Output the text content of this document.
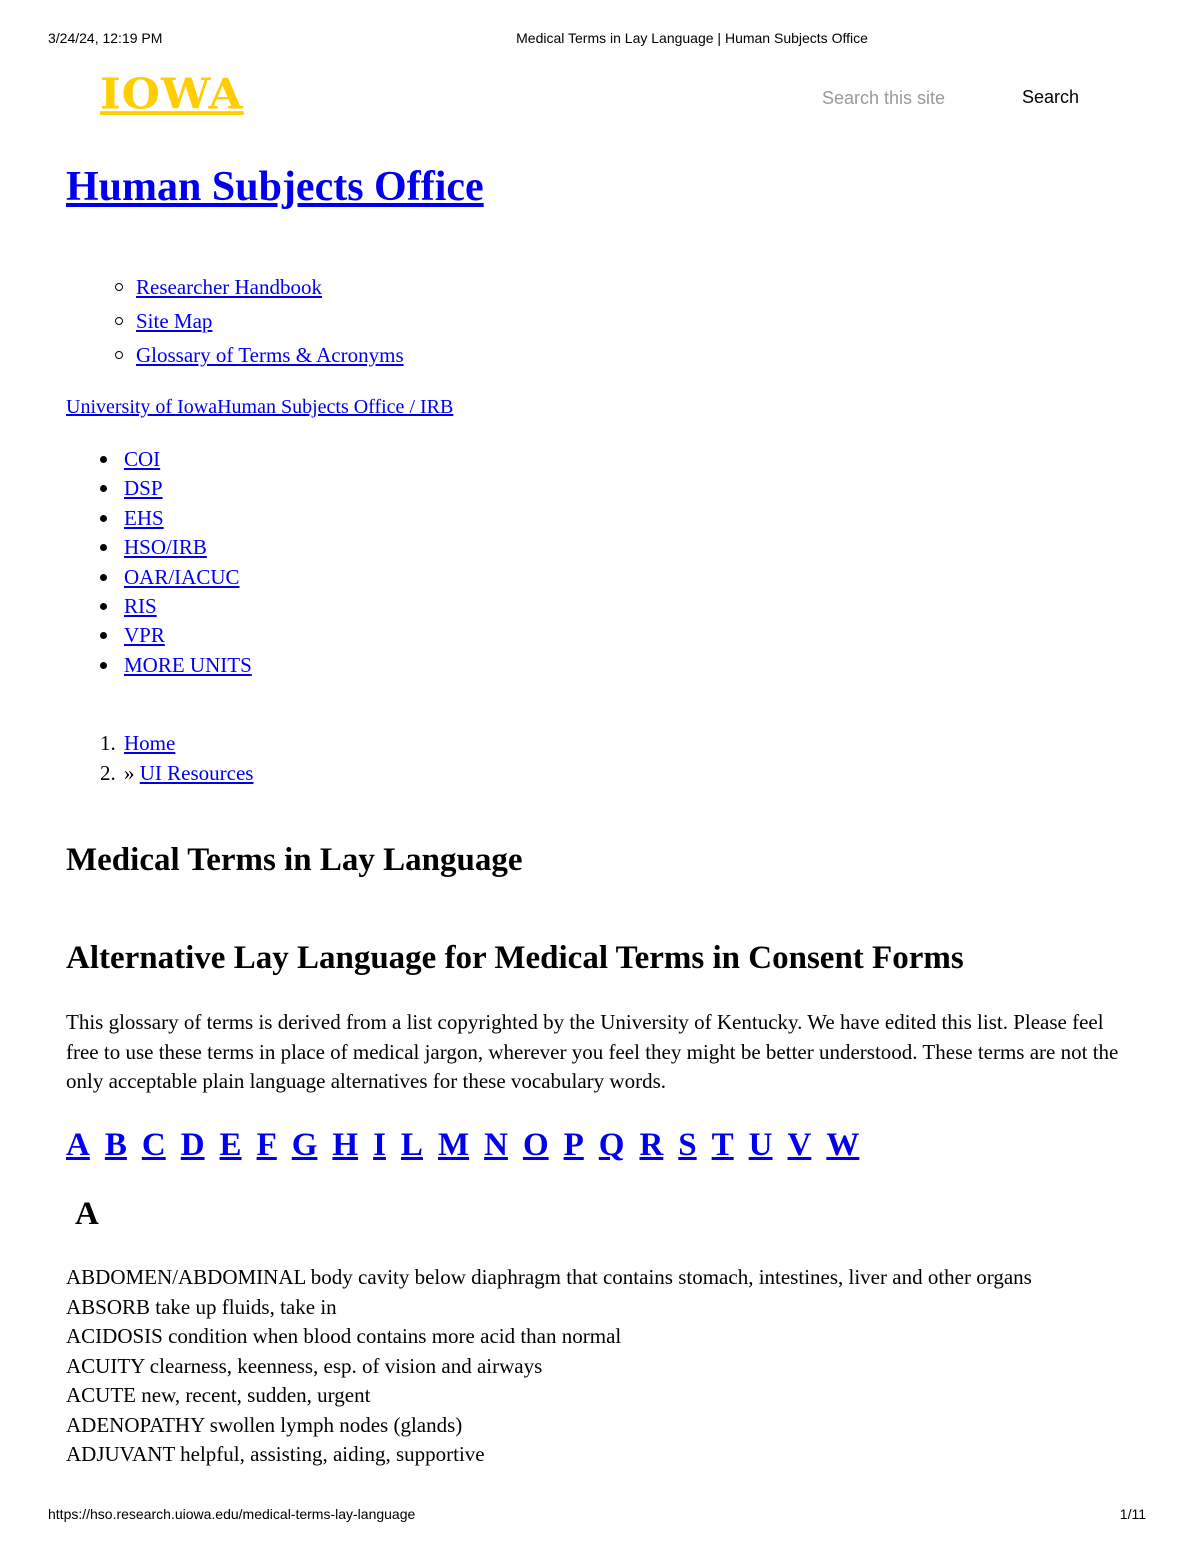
3/24/24, 12:19 PM	Medical Terms in Lay Language | Human Subjects Office
IOWA
Search this site	Search
Human Subjects Office
Researcher Handbook
Site Map
Glossary of Terms & Acronyms
University of IowaHuman Subjects Office / IRB
COI
DSP
EHS
HSO/IRB
OAR/IACUC
RIS
VPR
MORE UNITS
1. Home
2. » UI Resources
Medical Terms in Lay Language
Alternative Lay Language for Medical Terms in Consent Forms

This glossary of terms is derived from a list copyrighted by the University of Kentucky. We have edited this list. Please feel free to use these terms in place of medical jargon, wherever you feel they might be better understood. These terms are not the only acceptable plain language alternatives for these vocabulary words.

A B C D E F G H I L M N O P Q R S T U V W
A
ABDOMEN/ABDOMINAL body cavity below diaphragm that contains stomach, intestines, liver and other organs
ABSORB take up fluids, take in
ACIDOSIS condition when blood contains more acid than normal
ACUITY clearness, keenness, esp. of vision and airways
ACUTE new, recent, sudden, urgent
ADENOPATHY swollen lymph nodes (glands)
ADJUVANT helpful, assisting, aiding, supportive
https://hso.research.uiowa.edu/medical-terms-lay-language	1/11
